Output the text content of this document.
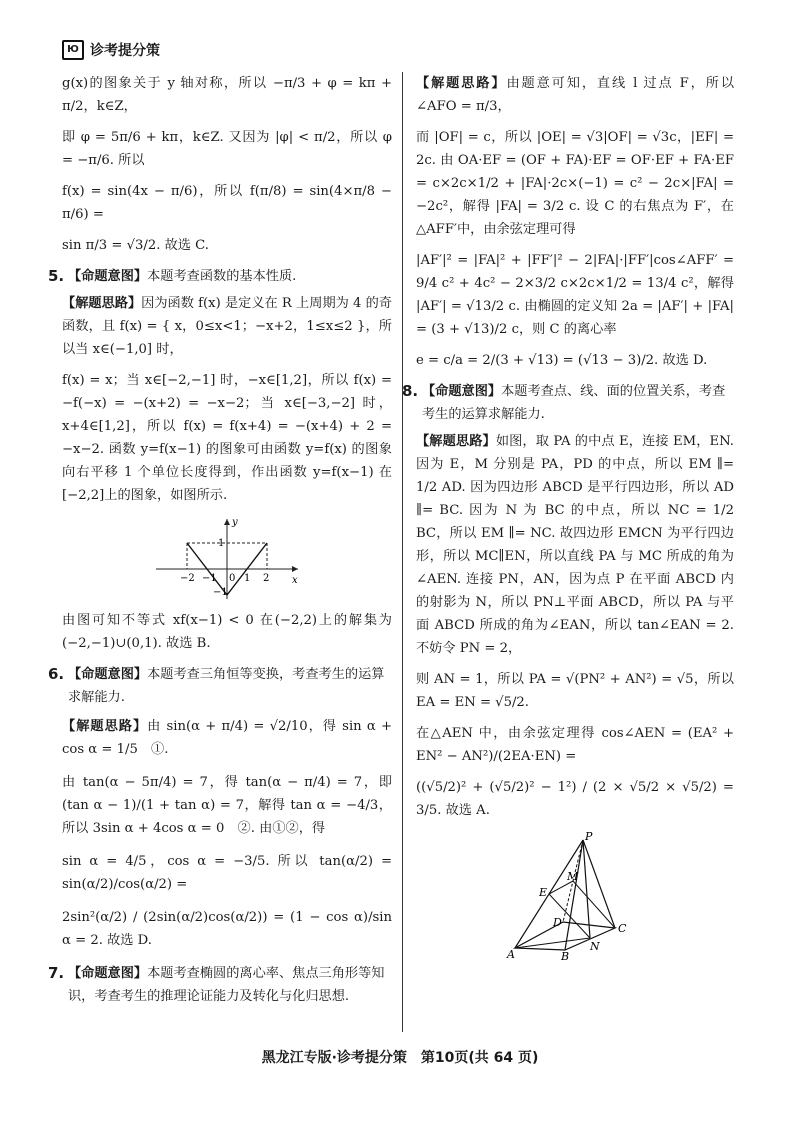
Ю 诊考提分策

g(x)的图象关于 y 轴对称，所以 −π/3 + φ = kπ + π/2，k∈Z，

即 φ = 5π/6 + kπ，k∈Z. 又因为 |φ| < π/2，所以 φ = −π/6. 所以

f(x) = sin(4x − π/6)，所以 f(π/8) = sin(4×π/8 − π/6) =

sin π/3 = √3/2. 故选 C.

5. 【命题意图】本题考查函数的基本性质.

【解题思路】因为函数 f(x) 是定义在 R 上周期为 4 的奇函数，且 f(x) = { x，0≤x<1；−x+2，1≤x≤2 }，所以当 x∈(−1,0] 时，

f(x) = x；当 x∈[−2,−1] 时，−x∈[1,2]，所以 f(x) = −f(−x) = −(x+2) = −x−2；当 x∈[−3,−2] 时，x+4∈[1,2]，所以 f(x) = f(x+4) = −(x+4) + 2 = −x−2. 函数 y=f(x−1) 的图象可由函数 y=f(x) 的图象向右平移 1 个单位长度得到，作出函数 y=f(x−1) 在[−2,2]上的图象，如图所示.

y
x
−2 −1 0 1 2
1
−1

由图可知不等式 xf(x−1) < 0 在(−2,2)上的解集为(−2,−1)∪(0,1). 故选 B.

6. 【命题意图】本题考查三角恒等变换，考查考生的运算求解能力.

【解题思路】由 sin(α + π/4) = √2/10，得 sin α + cos α = 1/5　①.

由 tan(α − 5π/4) = 7，得 tan(α − π/4) = 7，即 (tan α − 1)/(1 + tan α) = 7，解得 tan α = −4/3，所以 3sin α + 4cos α = 0　②. 由①②，得

sin α = 4/5，cos α = −3/5. 所以 tan(α/2) = sin(α/2)/cos(α/2) =

2sin²(α/2) / (2sin(α/2)cos(α/2)) = (1 − cos α)/sin α = 2. 故选 D.

7. 【命题意图】本题考查椭圆的离心率、焦点三角形等知识，考查考生的推理论证能力及转化与化归思想.

【解题思路】由题意可知，直线 l 过点 F，所以 ∠AFO = π/3，

而 |OF| = c，所以 |OE| = √3|OF| = √3c，|EF| = 2c. 由 OA·EF = (OF + FA)·EF = OF·EF + FA·EF = c×2c×1/2 + |FA|·2c×(−1) = c² − 2c×|FA| = −2c²，解得 |FA| = 3/2 c. 设 C 的右焦点为 F′，在△AFF′中，由余弦定理可得

|AF′|² = |FA|² + |FF′|² − 2|FA|·|FF′|cos∠AFF′ = 9/4 c² + 4c² − 2×3/2 c×2c×1/2 = 13/4 c²，解得 |AF′| = √13/2 c. 由椭圆的定义知 2a = |AF′| + |FA| = (3 + √13)/2 c，则 C 的离心率

e = c/a = 2/(3 + √13) = (√13 − 3)/2. 故选 D.

8. 【命题意图】本题考查点、线、面的位置关系，考查考生的运算求解能力.

【解题思路】如图，取 PA 的中点 E，连接 EM，EN. 因为 E，M 分别是 PA，PD 的中点，所以 EM ∥= 1/2 AD. 因为四边形 ABCD 是平行四边形，所以 AD ∥= BC. 因为 N 为 BC 的中点，所以 NC = 1/2 BC，所以 EM ∥= NC. 故四边形 EMCN 为平行四边形，所以 MC∥EN，所以直线 PA 与 MC 所成的角为∠AEN. 连接 PN，AN，因为点 P 在平面 ABCD 内的射影为 N，所以 PN⊥平面 ABCD，所以 PA 与平面 ABCD 所成的角为∠EAN，所以 tan∠EAN = 2. 不妨令 PN = 2，

则 AN = 1，所以 PA = √(PN² + AN²) = √5，所以 EA = EN = √5/2.

在△AEN 中，由余弦定理得 cos∠AEN = (EA² + EN² − AN²)/(2EA·EN) =

((√5/2)² + (√5/2)² − 1²) / (2 × √5/2 × √5/2) = 3/5. 故选 A.

P
M
E
D
A	B
N
C
黑龙江专版·诊考提分策　第10页(共 64 页)
